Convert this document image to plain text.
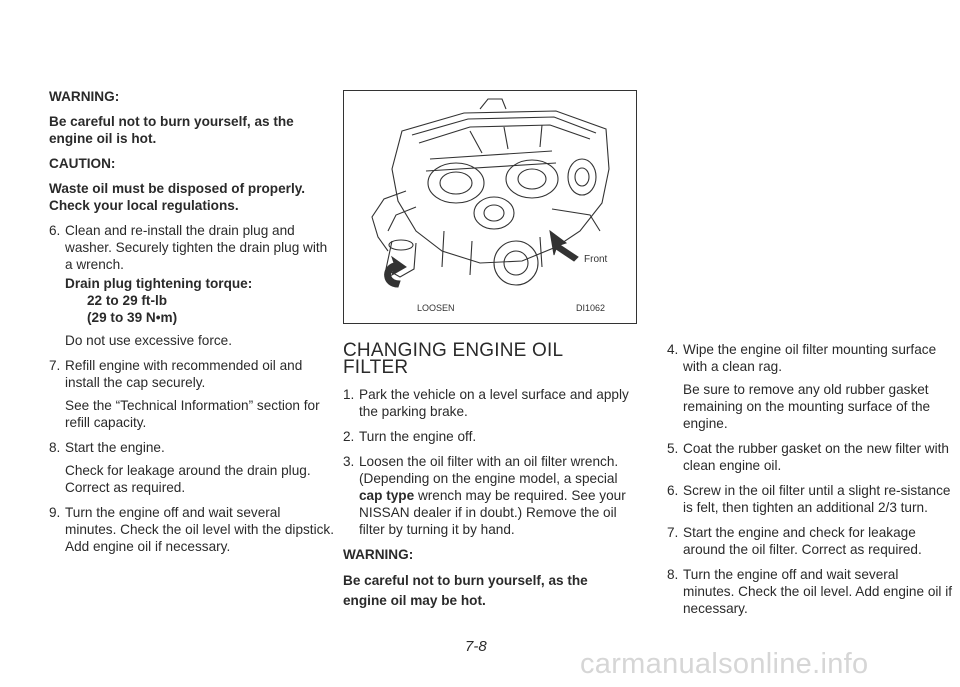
WARNING:

Be careful not to burn yourself, as the engine oil is hot.

CAUTION:

Waste oil must be disposed of properly. Check your local regulations.

6. Clean and re-install the drain plug and washer. Securely tighten the drain plug with a wrench.
Drain plug tightening torque:
22 to 29 ft-lb
(29 to 39 N•m)
Do not use excessive force.
7. Refill engine with recommended oil and install the cap securely.
See the “Technical Information” section for refill capacity.
8. Start the engine.
Check for leakage around the drain plug. Correct as required.
9. Turn the engine off and wait several minutes. Check the oil level with the dipstick. Add engine oil if necessary.
Front
LOOSEN	DI1062
CHANGING ENGINE OIL FILTER
1. Park the vehicle on a level surface and apply the parking brake.
2. Turn the engine off.
3. Loosen the oil filter with an oil filter wrench. (Depending on the engine model, a special cap type wrench may be required. See your NISSAN dealer if in doubt.) Remove the oil filter by turning it by hand.

WARNING:

Be careful not to burn yourself, as the engine oil may be hot.

4. Wipe the engine oil filter mounting surface with a clean rag.
Be sure to remove any old rubber gasket remaining on the mounting surface of the engine.
5. Coat the rubber gasket on the new filter with clean engine oil.
6. Screw in the oil filter until a slight re-sistance is felt, then tighten an additional 2/3 turn.
7. Start the engine and check for leakage around the oil filter. Correct as required.
8. Turn the engine off and wait several minutes. Check the oil level. Add engine oil if necessary.
7-8
carmanualsonline.info
